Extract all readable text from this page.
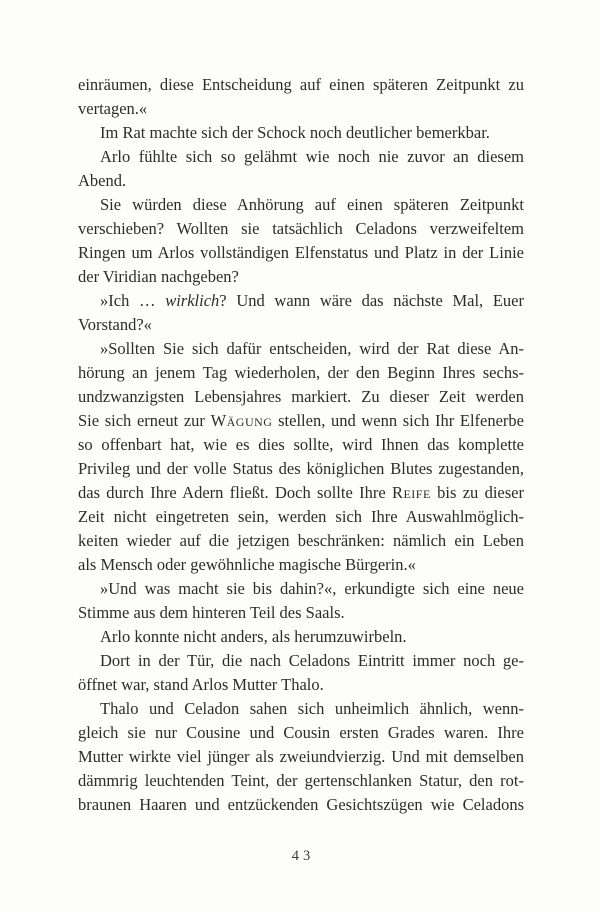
einräumen, diese Entscheidung auf einen späteren Zeitpunkt zu
vertagen.«
Im Rat machte sich der Schock noch deutlicher bemerkbar.
Arlo fühlte sich so gelähmt wie noch nie zuvor an diesem
Abend.
Sie würden diese Anhörung auf einen späteren Zeitpunkt
verschieben? Wollten sie tatsächlich Celadons verzweifeltem
Ringen um Arlos vollständigen Elfenstatus und Platz in der Linie
der Viridian nachgeben?
»Ich … wirklich? Und wann wäre das nächste Mal, Euer
Vorstand?«
»Sollten Sie sich dafür entscheiden, wird der Rat diese An-
hörung an jenem Tag wiederholen, der den Beginn Ihres sechs-
undzwanzigsten Lebensjahres markiert. Zu dieser Zeit werden
Sie sich erneut zur Wägung stellen, und wenn sich Ihr Elfenerbe
so offenbart hat, wie es dies sollte, wird Ihnen das komplette
Privileg und der volle Status des königlichen Blutes zugestanden,
das durch Ihre Adern fließt. Doch sollte Ihre Reife bis zu dieser
Zeit nicht eingetreten sein, werden sich Ihre Auswahlmöglich-
keiten wieder auf die jetzigen beschränken: nämlich ein Leben
als Mensch oder gewöhnliche magische Bürgerin.«
»Und was macht sie bis dahin?«, erkundigte sich eine neue
Stimme aus dem hinteren Teil des Saals.
Arlo konnte nicht anders, als herumzuwirbeln.
Dort in der Tür, die nach Celadons Eintritt immer noch ge-
öffnet war, stand Arlos Mutter Thalo.
Thalo und Celadon sahen sich unheimlich ähnlich, wenn-
gleich sie nur Cousine und Cousin ersten Grades waren. Ihre
Mutter wirkte viel jünger als zweiundvierzig. Und mit demselben
dämmrig leuchtenden Teint, der gertenschlanken Statur, den rot-
braunen Haaren und entzückenden Gesichtszügen wie Celadons
43
